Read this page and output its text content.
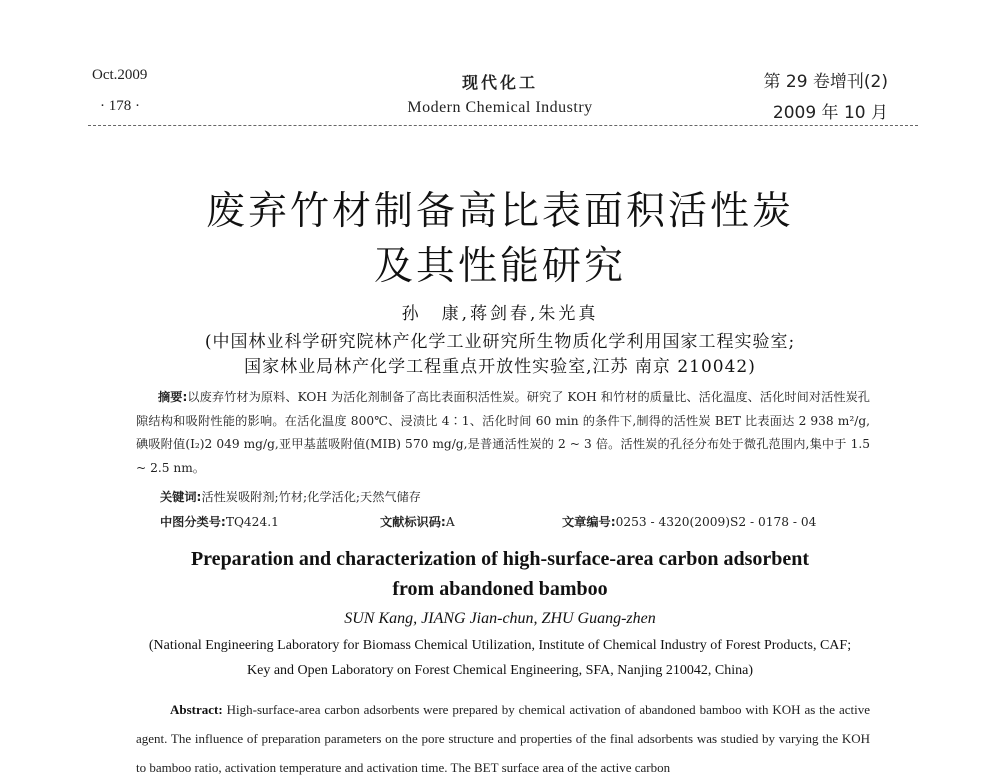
Oct.2009
· 178 ·
现代化工
Modern Chemical Industry
第 29 卷增刊(2)
2009 年 10 月
废弃竹材制备高比表面积活性炭
及其性能研究
孙　康,蒋剑春,朱光真
(中国林业科学研究院林产化学工业研究所生物质化学利用国家工程实验室;
国家林业局林产化学工程重点开放性实验室,江苏 南京 210042)
摘要:以废弃竹材为原料、KOH 为活化剂制备了高比表面积活性炭。研究了 KOH 和竹材的质量比、活化温度、活化时间对活性炭孔隙结构和吸附性能的影响。在活化温度 800℃、浸渍比 4∶1、活化时间 60 min 的条件下,制得的活性炭 BET 比表面达 2 938 m²/g,碘吸附值(I₂)2 049 mg/g,亚甲基蓝吸附值(MIB) 570 mg/g,是普通活性炭的 2 ~ 3 倍。活性炭的孔径分布处于微孔范围内,集中于 1.5 ~ 2.5 nm。
关键词:活性炭吸附剂;竹材;化学活化;天然气储存
中图分类号:TQ424.1	文献标识码:A	文章编号:0253 - 4320(2009)S2 - 0178 - 04
Preparation and characterization of high-surface-area carbon adsorbent
from abandoned bamboo
SUN Kang, JIANG Jian-chun, ZHU Guang-zhen
(National Engineering Laboratory for Biomass Chemical Utilization, Institute of Chemical Industry of Forest Products, CAF;
Key and Open Laboratory on Forest Chemical Engineering, SFA, Nanjing 210042, China)
Abstract: High-surface-area carbon adsorbents were prepared by chemical activation of abandoned bamboo with KOH as the active agent. The influence of preparation parameters on the pore structure and properties of the final adsorbents was studied by varying the KOH to bamboo ratio, activation temperature and activation time. The BET surface area of the active carbon
